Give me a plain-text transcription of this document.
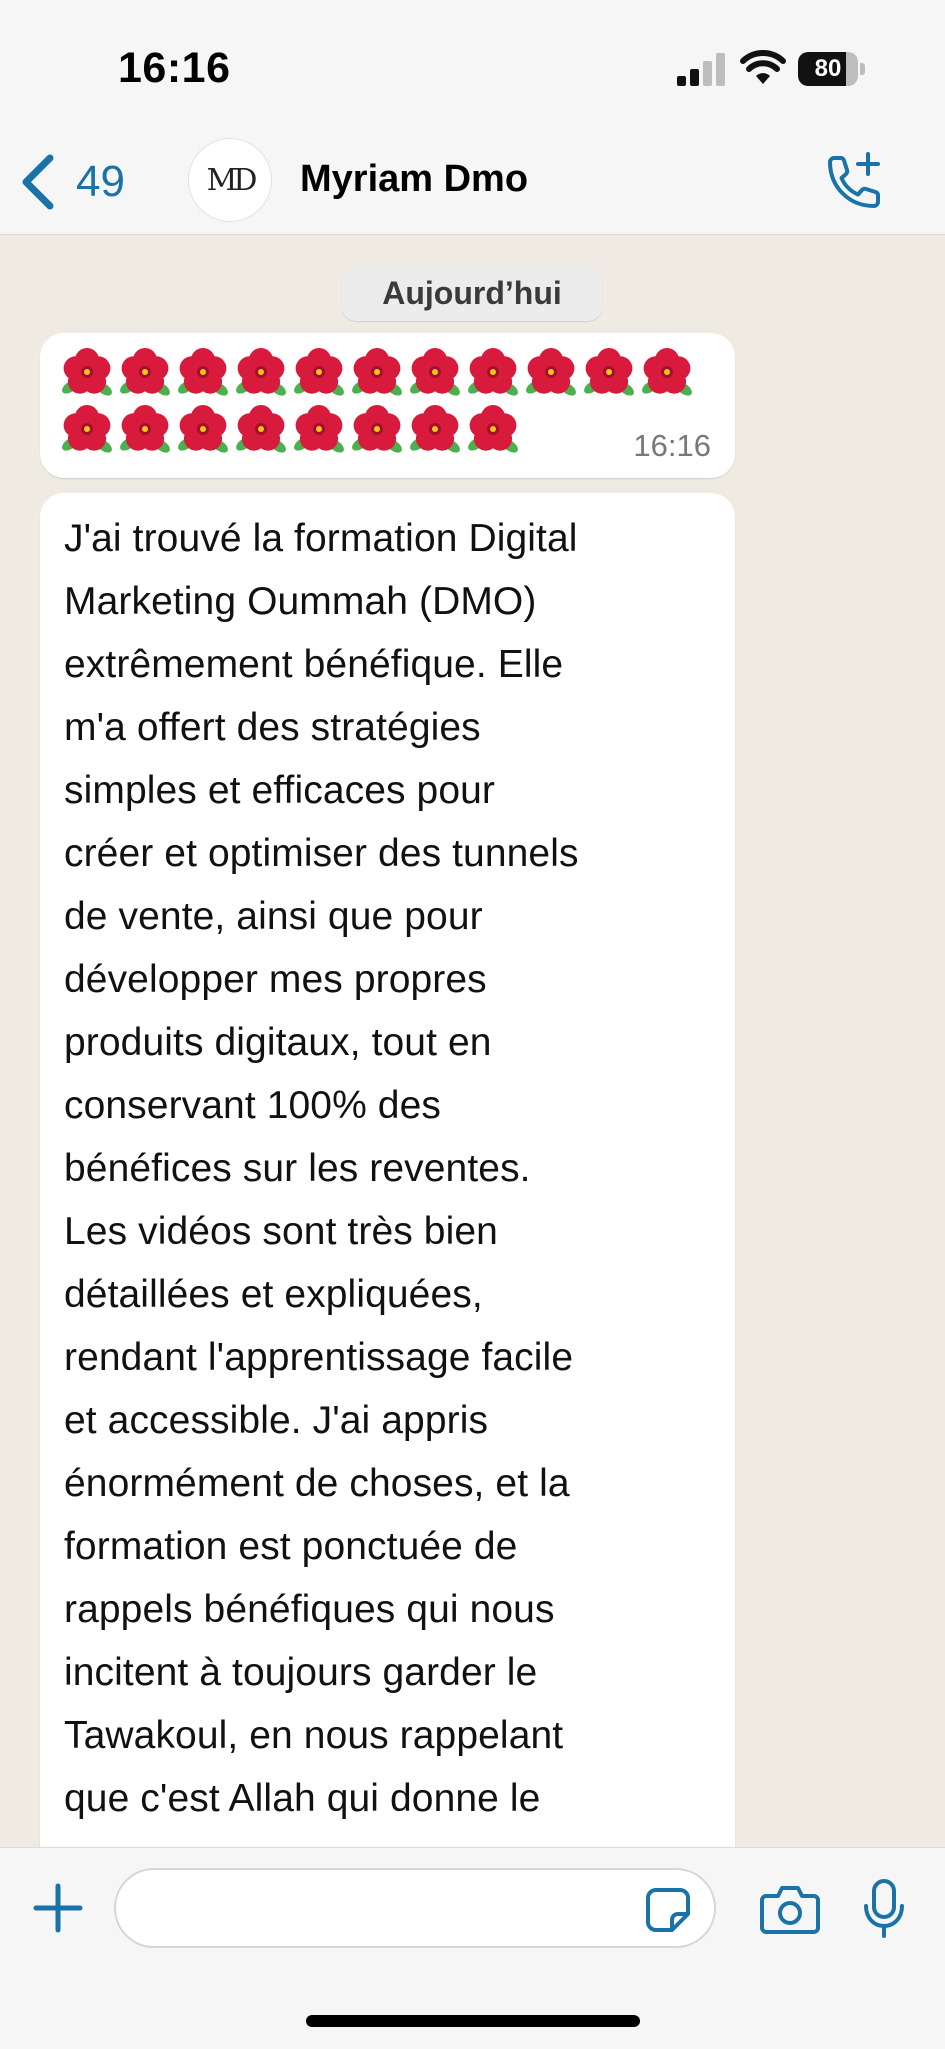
16:16	80
49	MD	Myriam Dmo
Aujourd’hui
16:16
J'ai trouvé la formation Digital
Marketing Oummah (DMO)
extrêmement bénéfique. Elle
m'a offert des stratégies
simples et efficaces pour
créer et optimiser des tunnels
de vente, ainsi que pour
développer mes propres
produits digitaux, tout en
conservant 100% des
bénéfices sur les reventes.
Les vidéos sont très bien
détaillées et expliquées,
rendant l'apprentissage facile
et accessible. J'ai appris
énormément de choses, et la
formation est ponctuée de
rappels bénéfiques qui nous
incitent à toujours garder le
Tawakoul, en nous rappelant
que c'est Allah qui donne le
